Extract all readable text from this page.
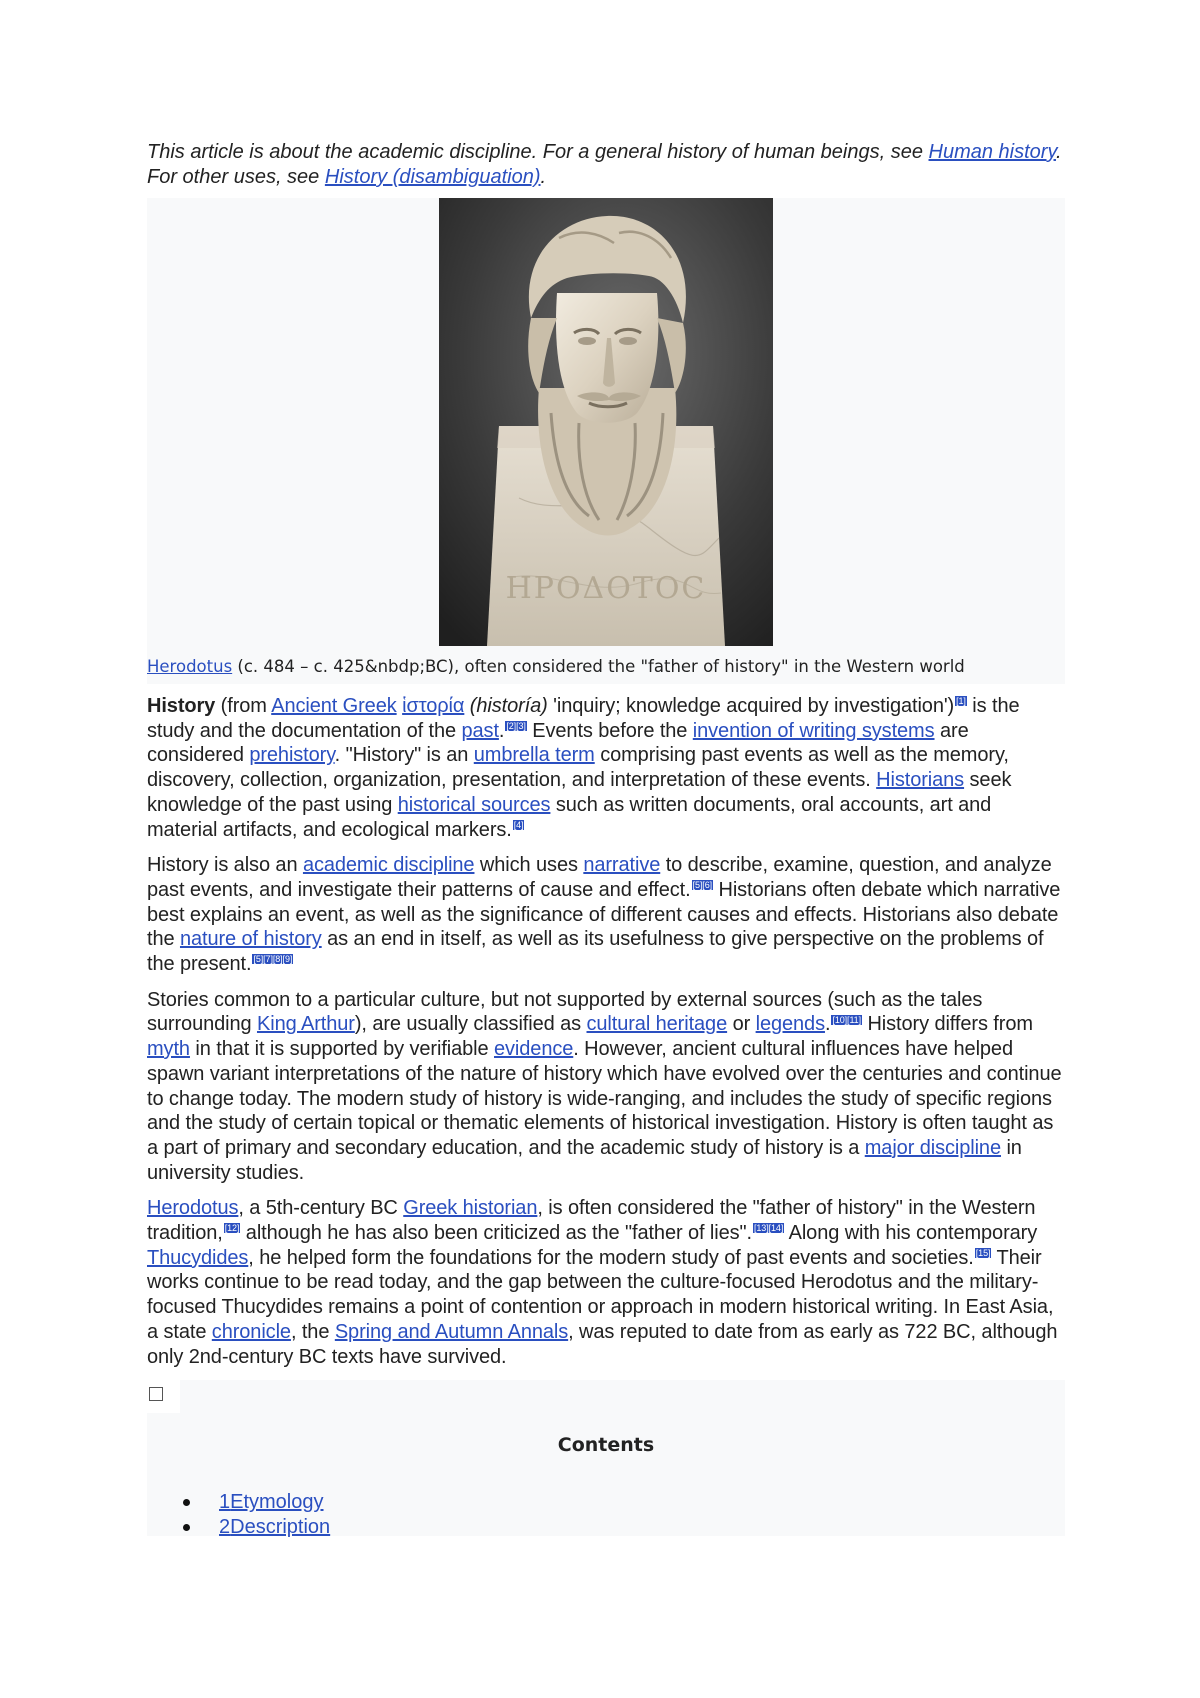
This article is about the academic discipline. For a general history of human beings, see Human history. For other uses, see History (disambiguation).

ΗΡΟΔΟΤΟϹ
Herodotus (c. 484 – c. 425&nbdp;BC), often considered the "father of history" in the Western world

History (from Ancient Greek ἱστορία (historía) 'inquiry; knowledge acquired by investigation') [1] is the study and the documentation of the past. [2][3] Events before the invention of writing systems are considered prehistory. "History" is an umbrella term comprising past events as well as the memory, discovery, collection, organization, presentation, and interpretation of these events. Historians seek knowledge of the past using historical sources such as written documents, oral accounts, art and material artifacts, and ecological markers. [4]

History is also an academic discipline which uses narrative to describe, examine, question, and analyze past events, and investigate their patterns of cause and effect. [5][6] Historians often debate which narrative best explains an event, as well as the significance of different causes and effects. Historians also debate the nature of history as an end in itself, as well as its usefulness to give perspective on the problems of the present. [5][7][8][9]

Stories common to a particular culture, but not supported by external sources (such as the tales surrounding King Arthur), are usually classified as cultural heritage or legends. [10][11] History differs from myth in that it is supported by verifiable evidence. However, ancient cultural influences have helped spawn variant interpretations of the nature of history which have evolved over the centuries and continue to change today. The modern study of history is wide-ranging, and includes the study of specific regions and the study of certain topical or thematic elements of historical investigation. History is often taught as a part of primary and secondary education, and the academic study of history is a major discipline in university studies.

Herodotus, a 5th-century BC Greek historian, is often considered the "father of history" in the Western tradition, [12] although he has also been criticized as the "father of lies". [13][14] Along with his contemporary Thucydides, he helped form the foundations for the modern study of past events and societies. [15] Their works continue to be read today, and the gap between the culture-focused Herodotus and the military-focused Thucydides remains a point of contention or approach in modern historical writing. In East Asia, a state chronicle, the Spring and Autumn Annals, was reputed to date from as early as 722 BC, although only 2nd-century BC texts have survived.

Contents
1Etymology
2Description
